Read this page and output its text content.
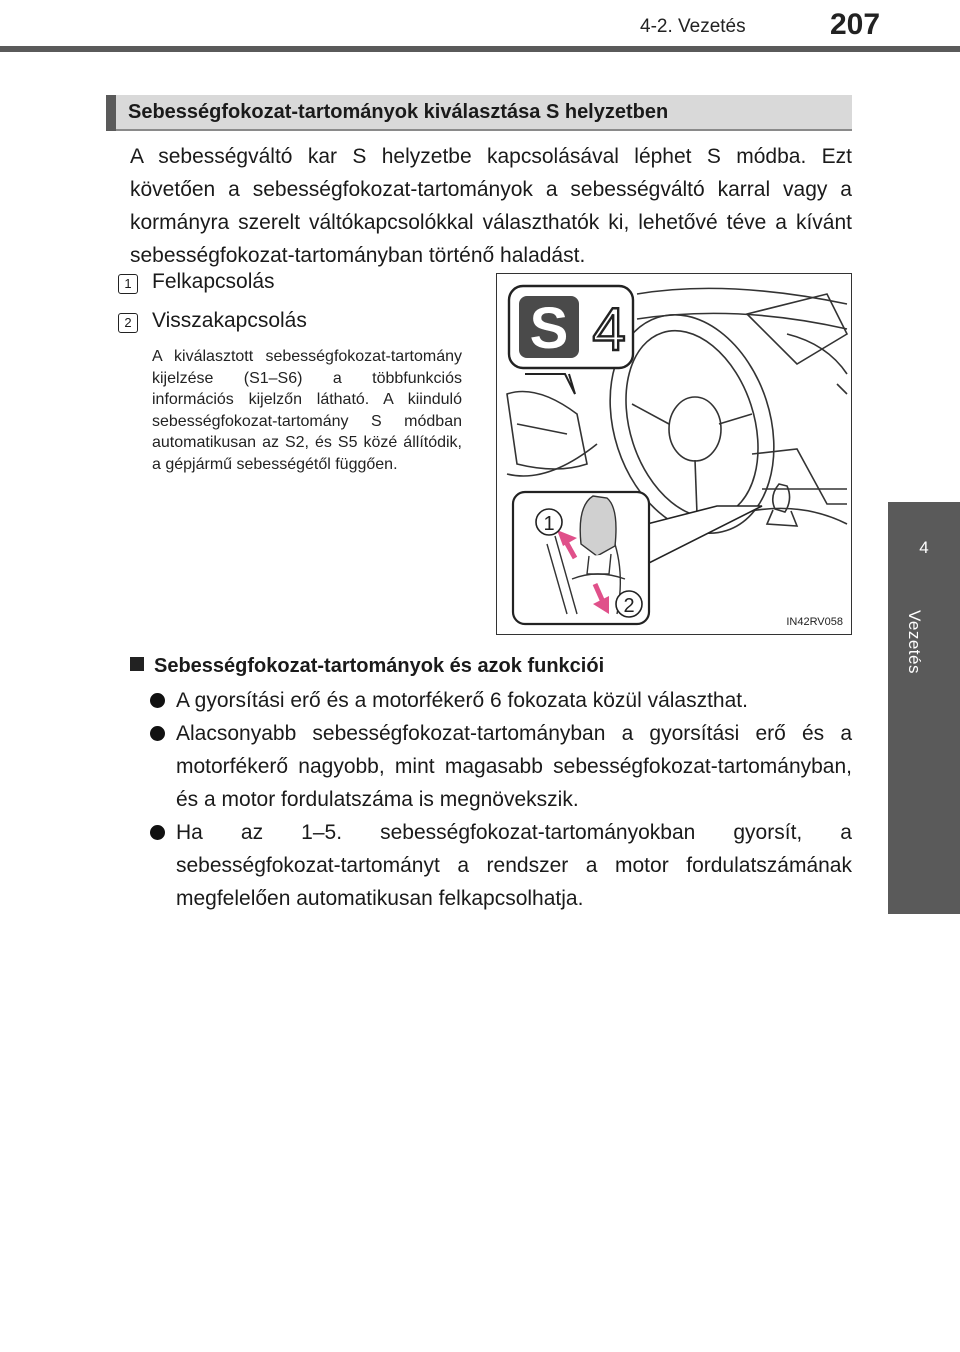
4-2. Vezetés	207
4
Vezetés
Sebességfokozat-tartományok kiválasztása S helyzetben

A sebességváltó kar S helyzetbe kapcsolásával léphet S módba. Ezt követően a sebességfokozat-tartományok a sebességváltó karral vagy a kormányra szerelt váltókapcsolókkal választhatók ki, lehetővé téve a kívánt sebességfokozat-tartományban történő haladást.

1 Felkapcsolás
2 Visszakapcsolás

A kiválasztott sebességfokozat-tartomány kijelzése (S1–S6) a többfunkciós információs kijelzőn látható. A kiinduló sebességfokozat-tartomány S módban automatikusan az S2, és S5 közé állítódik, a gépjármű sebességétől függően.

S 4
1
2
IN42RV058
Sebességfokozat-tartományok és azok funkciói
A gyorsítási erő és a motorfékerő 6 fokozata közül választhat.
Alacsonyabb sebességfokozat-tartományban a gyorsítási erő és a motorfékerő nagyobb, mint magasabb sebességfokozat-tartományban, és a motor fordulatszáma is megnövekszik.
Ha az 1–5. sebességfokozat-tartományokban gyorsít, a sebességfokozat-tartományt a rendszer a motor fordulatszámának megfelelően automatikusan felkapcsolhatja.
